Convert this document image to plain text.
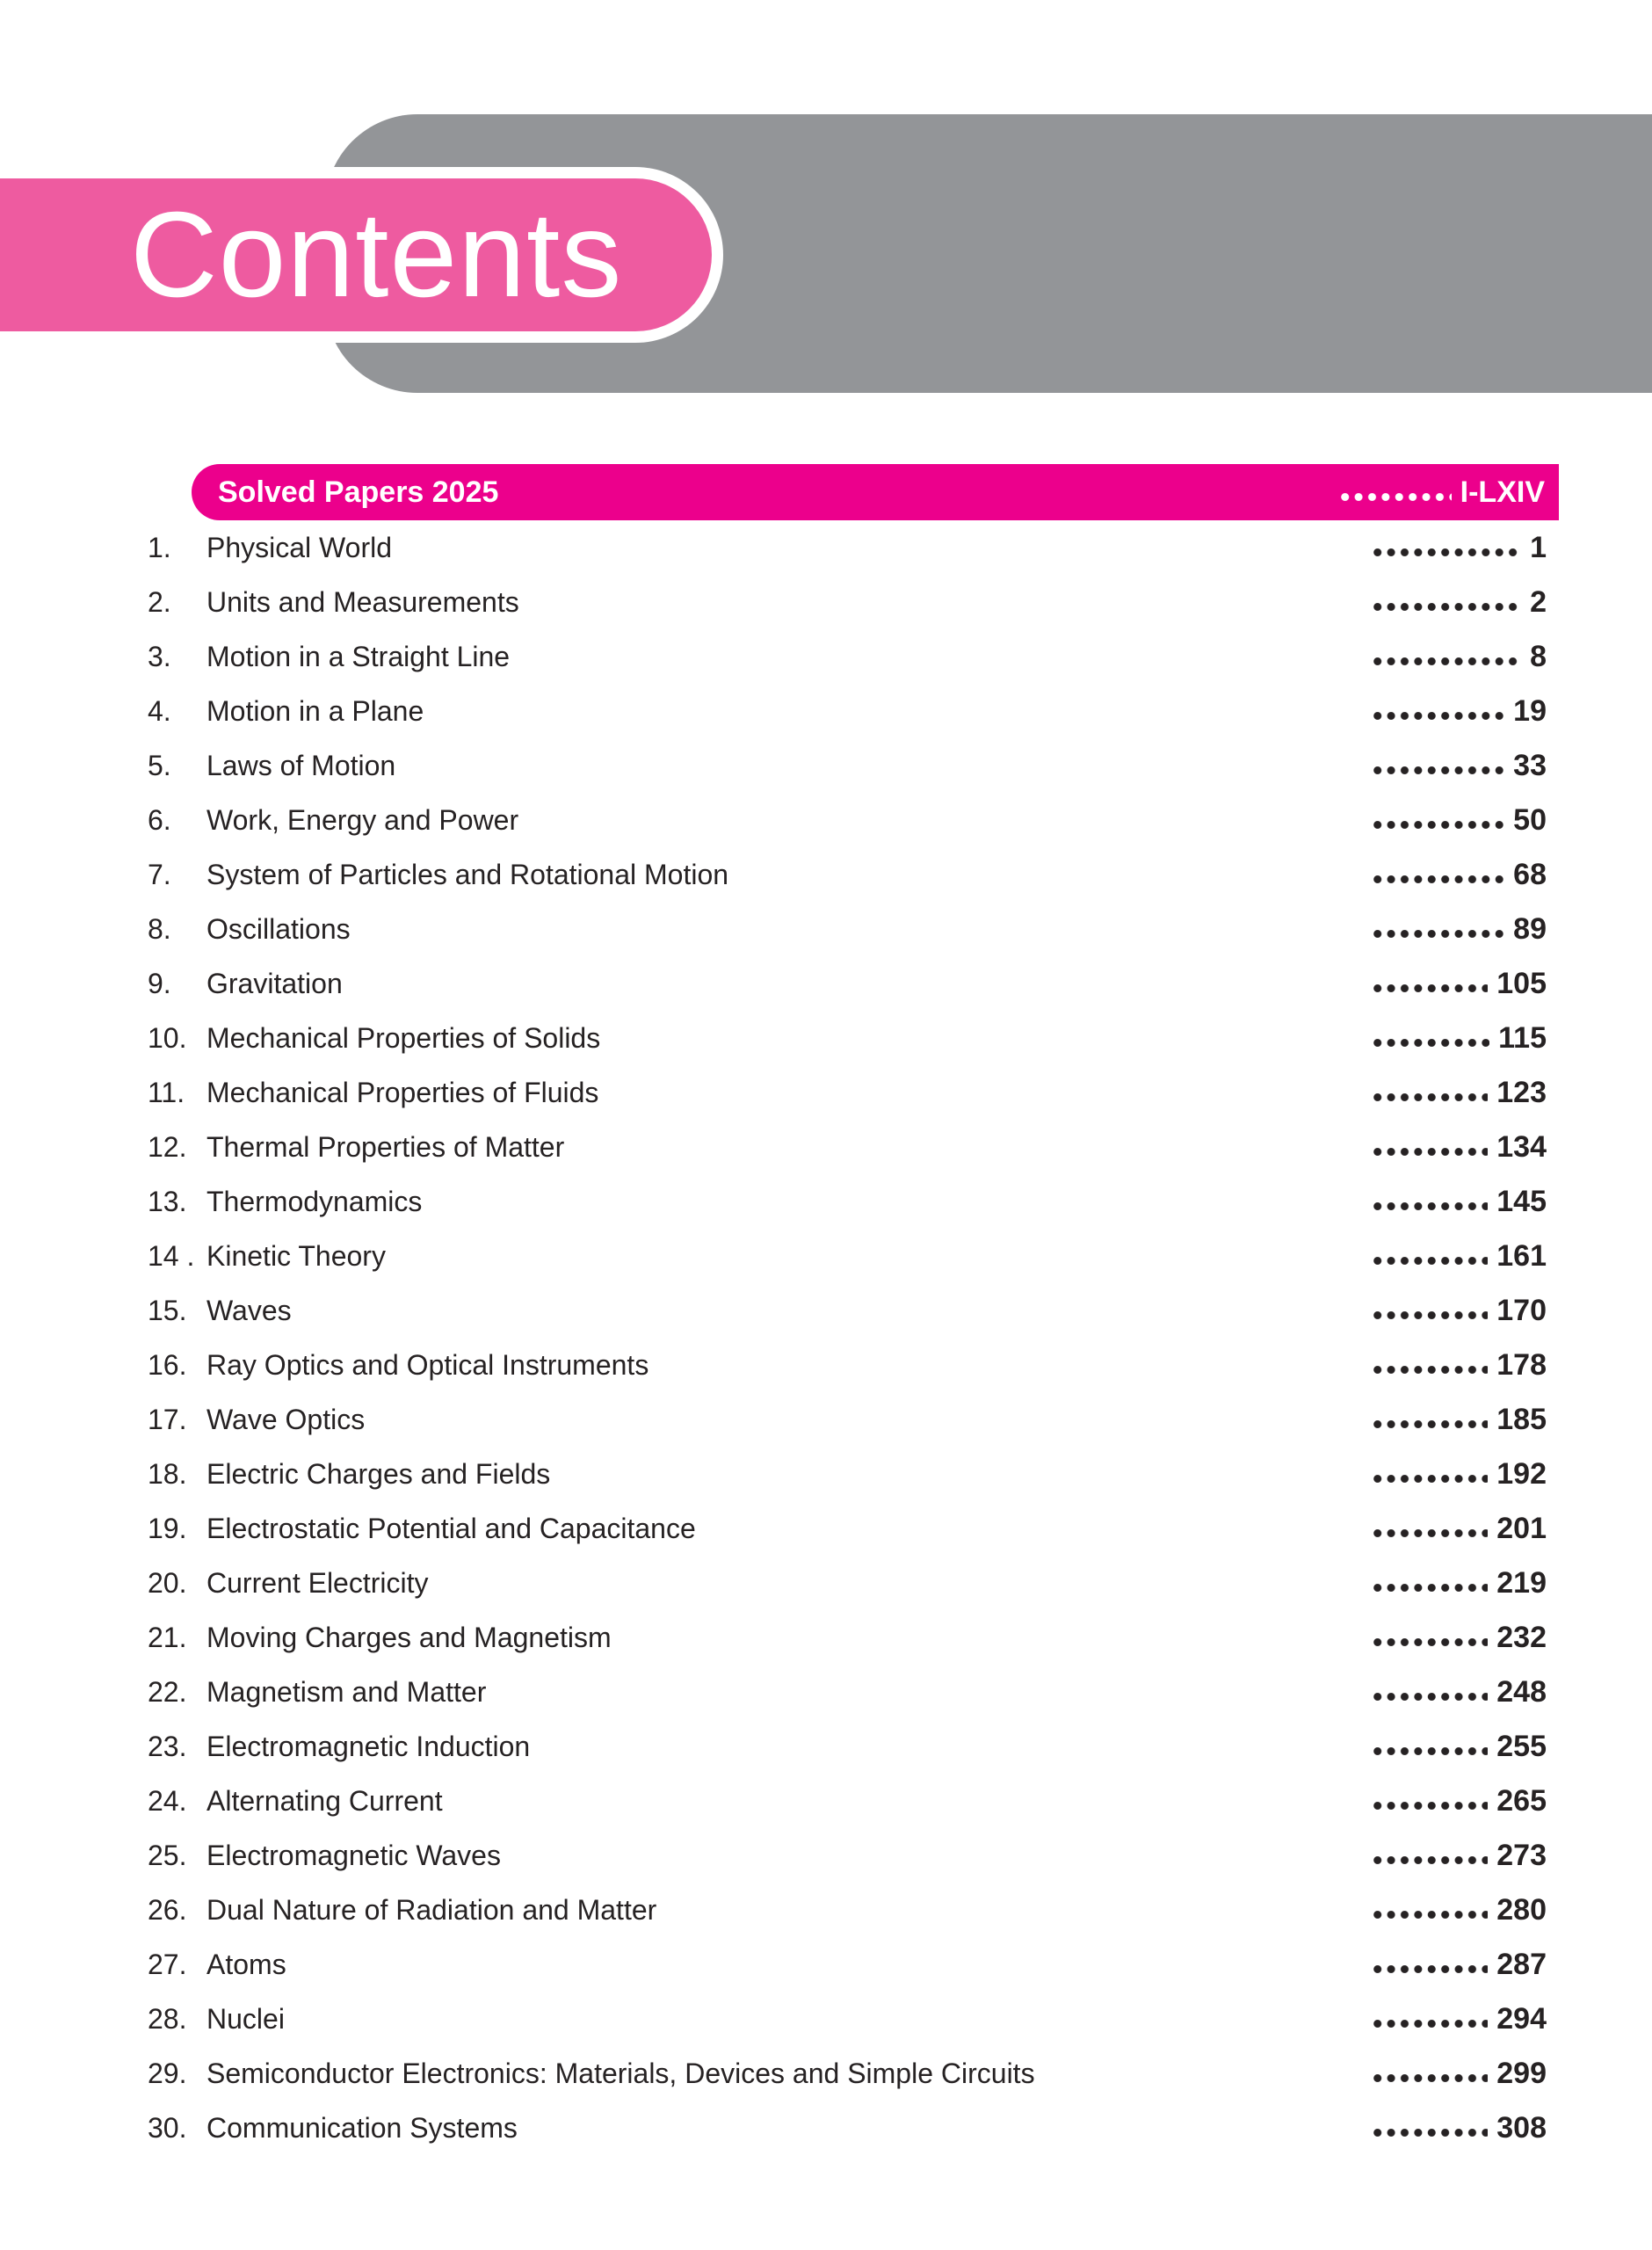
Contents
Solved Papers 2025	I-LXIV
1.	Physical World	1
2.	Units and Measurements	2
3.	Motion in a Straight Line	8
4.	Motion in a Plane	19
5.	Laws of Motion	33
6.	Work, Energy and Power	50
7.	System of Particles and Rotational Motion	68
8.	Oscillations	89
9.	Gravitation	105
10. Mechanical Properties of Solids	115
11. Mechanical Properties of Fluids	123
12. Thermal Properties of Matter	134
13. Thermodynamics	145
14 . Kinetic Theory	161
15. Waves	170
16. Ray Optics and Optical Instruments	178
17. Wave Optics	185
18. Electric Charges and Fields	192
19. Electrostatic Potential and Capacitance	201
20. Current Electricity	219
21. Moving Charges and Magnetism	232
22. Magnetism and Matter	248
23. Electromagnetic Induction	255
24. Alternating Current	265
25. Electromagnetic Waves	273
26. Dual Nature of Radiation and Matter	280
27. Atoms	287
28. Nuclei	294
29. Semiconductor Electronics: Materials, Devices and Simple Circuits	299
30. Communication Systems	308
